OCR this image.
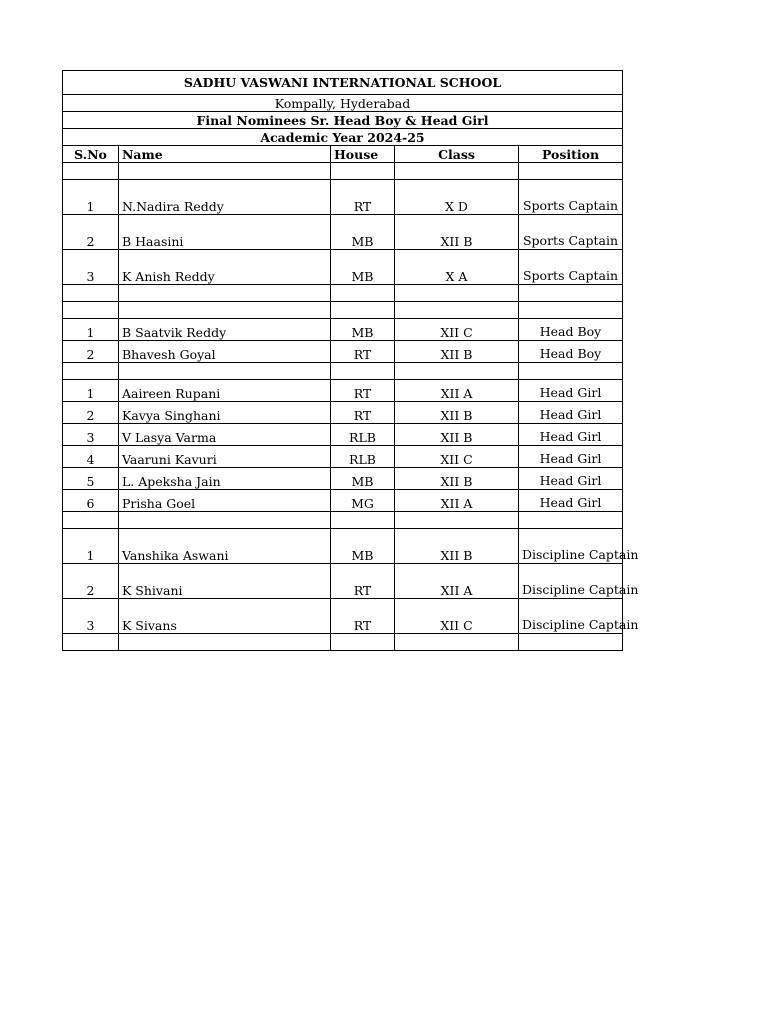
SADHU VASWANI INTERNATIONAL SCHOOL				
Kompally, Hyderabad				
Final Nominees Sr. Head Boy & Head Girl				
Academic Year 2024-25				
S.No	Name	House	Class	Position

1	N.Nadira Reddy	RT	X D	Sports Captain
2	B Haasini	MB	XII B	Sports Captain
3	K Anish Reddy	MB	X A	Sports Captain

1	B Saatvik Reddy	MB	XII C	Head Boy
2	Bhavesh Goyal	RT	XII B	Head Boy

1	Aaireen Rupani	RT	XII A	Head Girl
2	Kavya Singhani	RT	XII B	Head Girl
3	V Lasya Varma	RLB	XII B	Head Girl
4	Vaaruni Kavuri	RLB	XII C	Head Girl
5	L. Apeksha Jain	MB	XII B	Head Girl
6	Prisha Goel	MG	XII A	Head Girl

1	Vanshika Aswani	MB	XII B	Discipline Captain
2	K Shivani	RT	XII A	Discipline Captain
3	K Sivans	RT	XII C	Discipline Captain
